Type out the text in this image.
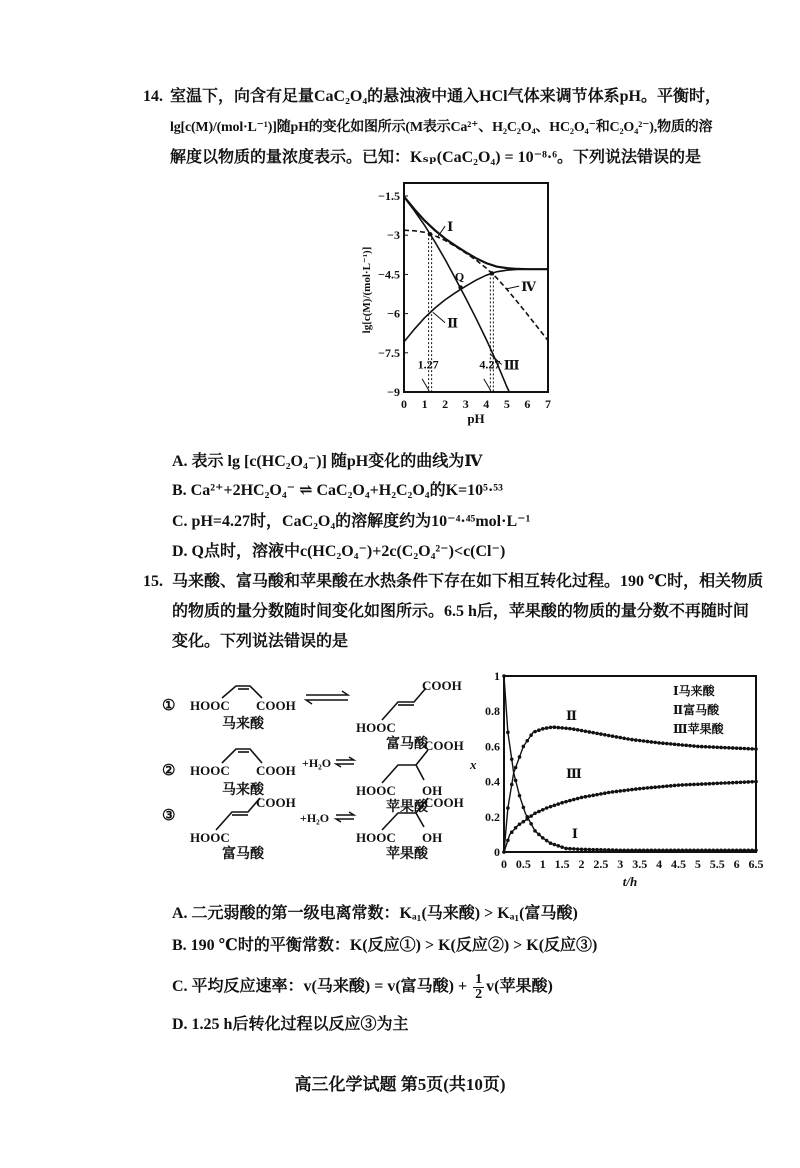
14. 室温下，向含有足量CaC₂O₄的悬浊液中通入HCl气体来调节体系pH。平衡时，
lg[c(M)/(mol·L⁻¹)]随pH的变化如图所示(M表示Ca²⁺、H₂C₂O₄、HC₂O₄⁻和C₂O₄²⁻),物质的溶
解度以物质的量浓度表示。已知：Kₛₚ(CaC₂O₄) = 10⁻⁸·⁶。下列说法错误的是
0 1 2 3 4 5 6 7
−1.5
−3
−4.5
−6
−7.5
−9
1.27	4.27
Q
Ⅰ
Ⅱ
Ⅲ
Ⅳ
pH
lg[c(M)/(mol·L⁻¹)]
A. 表示 lg [c(HC₂O₄⁻)] 随pH变化的曲线为Ⅳ
B. Ca²⁺+2HC₂O₄⁻ ⇌ CaC₂O₄+H₂C₂O₄的K=10⁵·⁵³
C. pH=4.27时，CaC₂O₄的溶解度约为10⁻⁴·⁴⁵mol·L⁻¹
D. Q点时，溶液中c(HC₂O₄⁻)+2c(C₂O₄²⁻)<c(Cl⁻)
15. 马来酸、富马酸和苹果酸在水热条件下存在如下相互转化过程。190 ℃时，相关物质
的物质的量分数随时间变化如图所示。6.5 h后，苹果酸的物质的量分数不再随时间
变化。下列说法错误的是
① HOOC COOH
马来酸	HOOC
COOH
富马酸
② HOOC COOH +H₂O
HOOC
COOH
OH
马来酸
苹果酸
③
HOOC
COOH
富马酸
+H₂O
HOOC
COOH
OH
苹果酸
0 0.5 1 1.5 2 2.5 3 3.5 4 4.5 5 5.5 6 6.5
0
0.2
0.4
0.6
0.8
1
Ⅱ
Ⅲ
Ⅰ
Ⅰ马来酸
Ⅱ富马酸
Ⅲ苹果酸
t/h
x
A. 二元弱酸的第一级电离常数：Kₐ₁(马来酸) > Kₐ₁(富马酸)
B. 190 ℃时的平衡常数：K(反应①) > K(反应②) > K(反应③)
C. 平均反应速率：v(马来酸) = v(富马酸) + $\frac{1}{2} v$(苹果酸)
D. 1.25 h后转化过程以反应③为主
高三化学试题 第5页(共10页)
